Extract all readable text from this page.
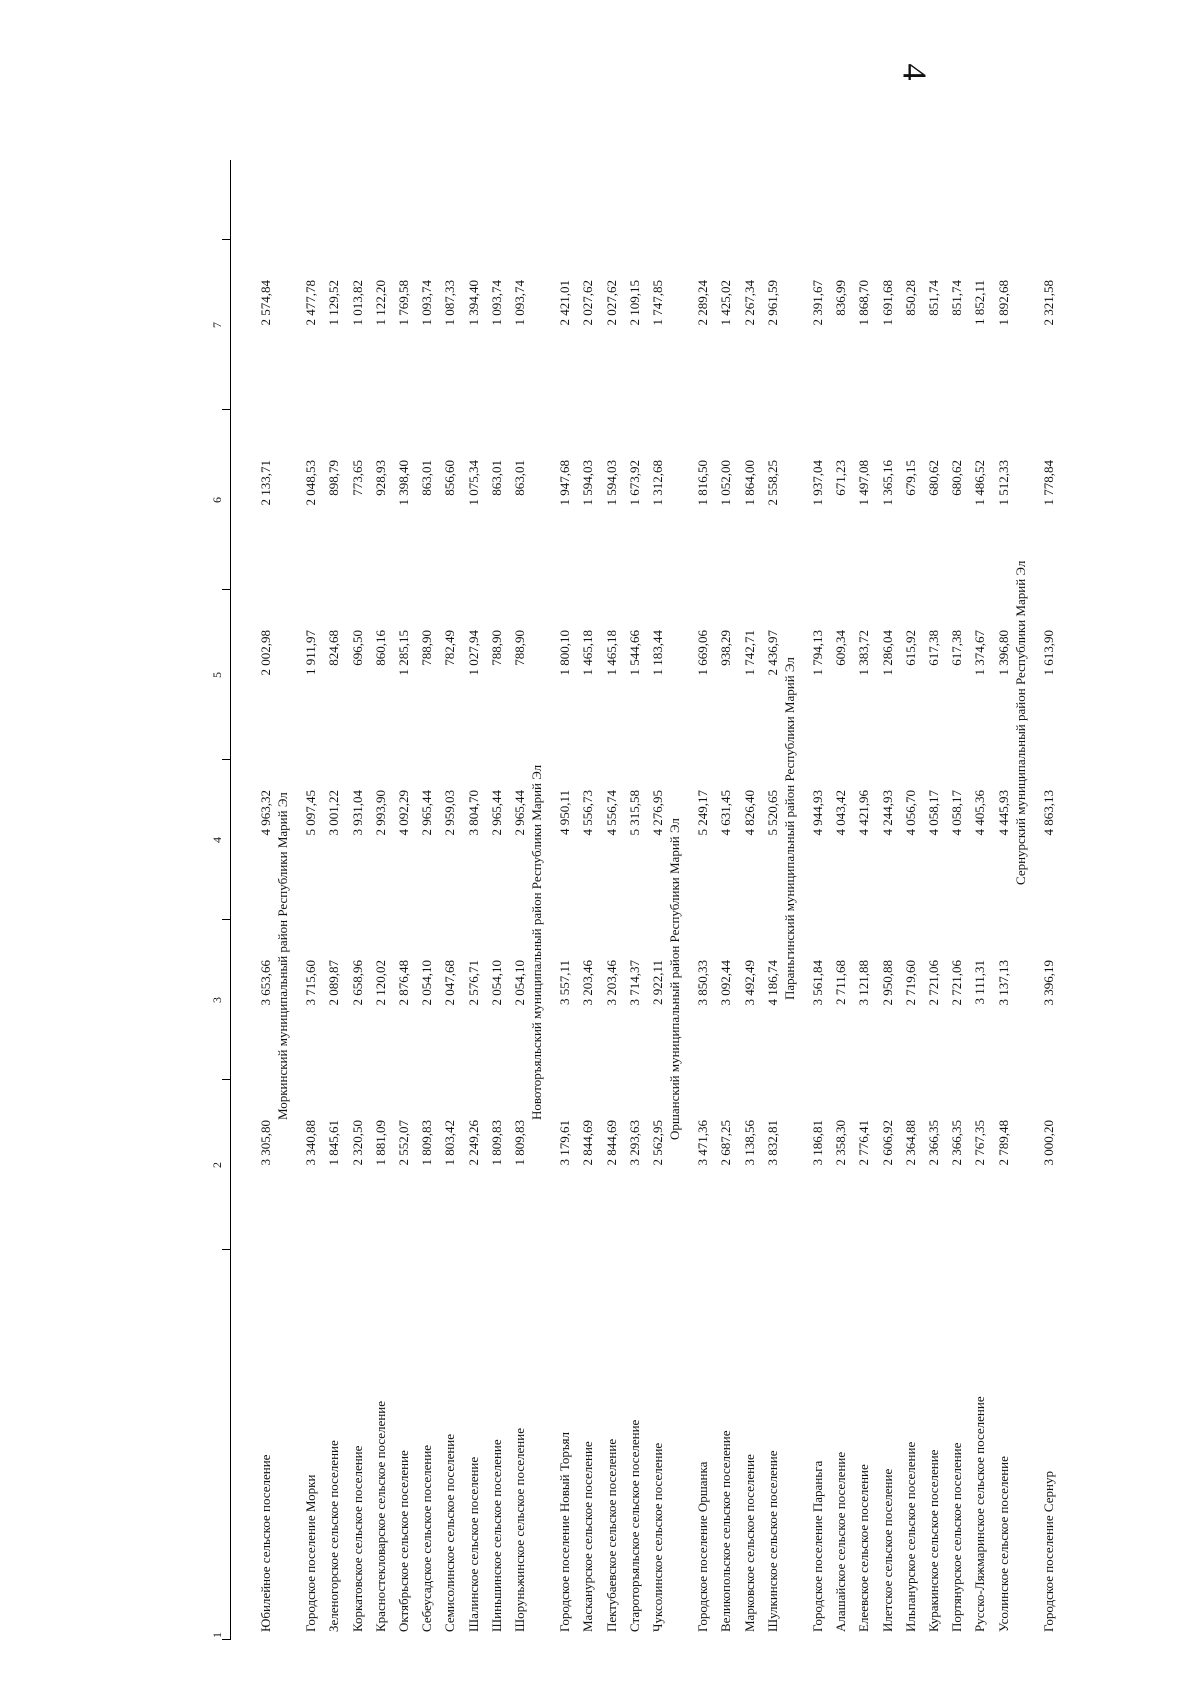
4
1
2
3
4
5
6
7
Юбилейное сельское поселение
3 305,80
3 653,66
4 963,32
2 002,98
2 133,71
2 574,84
Моркинский муниципальный район Республики Марий Эл
Городское поселение Морки
3 340,88
3 715,60
5 097,45
1 911,97
2 048,53
2 477,78
Зеленогорское сельское поселение
1 845,61
2 089,87
3 001,22
824,68
898,79
1 129,52
Коркатовское сельское поселение
2 320,50
2 658,96
3 931,04
696,50
773,65
1 013,82
Красностекловарское сельское поселение
1 881,09
2 120,02
2 993,90
860,16
928,93
1 122,20
Октябрьское сельское поселение
2 552,07
2 876,48
4 092,29
1 285,15
1 398,40
1 769,58
Себеусадское сельское поселение
1 809,83
2 054,10
2 965,44
788,90
863,01
1 093,74
Семисолинское сельское поселение
1 803,42
2 047,68
2 959,03
782,49
856,60
1 087,33
Шалинское сельское поселение
2 249,26
2 576,71
3 804,70
1 027,94
1 075,34
1 394,40
Шиньшинское сельское поселение
1 809,83
2 054,10
2 965,44
788,90
863,01
1 093,74
Шоруньжинское сельское поселение
1 809,83
2 054,10
2 965,44
788,90
863,01
1 093,74
Новоторъяльский муниципальный район Республики Марий Эл
Городское поселение Новый Торъял
3 179,61
3 557,11
4 950,11
1 800,10
1 947,68
2 421,01
Масканурское сельское поселение
2 844,69
3 203,46
4 556,73
1 465,18
1 594,03
2 027,62
Пектубаевское сельское поселение
2 844,69
3 203,46
4 556,74
1 465,18
1 594,03
2 027,62
Староторъяльское сельское поселение
3 293,63
3 714,37
5 315,58
1 544,66
1 673,92
2 109,15
Чуксолинское сельское поселение
2 562,95
2 922,11
4 276,95
1 183,44
1 312,68
1 747,85
Оршанский муниципальный район Республики Марий Эл
Городское поселение Оршанка
3 471,36
3 850,33
5 249,17
1 669,06
1 816,50
2 289,24
Великопольское сельское поселение
2 687,25
3 092,44
4 631,45
938,29
1 052,00
1 425,02
Марковское сельское поселение
3 138,56
3 492,49
4 826,40
1 742,71
1 864,00
2 267,34
Шулкинское сельское поселение
3 832,81
4 186,74
5 520,65
2 436,97
2 558,25
2 961,59
Параньгинский муниципальный район Республики Марий Эл
Городское поселение Параньга
3 186,81
3 561,84
4 944,93
1 794,13
1 937,04
2 391,67
Алашайское сельское поселение
2 358,30
2 711,68
4 043,42
609,34
671,23
836,99
Елеевское сельское поселение
2 776,41
3 121,88
4 421,96
1 383,72
1 497,08
1 868,70
Илетское сельское поселение
2 606,92
2 950,88
4 244,93
1 286,04
1 365,16
1 691,68
Ильпанурское сельское поселение
2 364,88
2 719,60
4 056,70
615,92
679,15
850,28
Куракинское сельское поселение
2 366,35
2 721,06
4 058,17
617,38
680,62
851,74
Портянурское сельское поселение
2 366,35
2 721,06
4 058,17
617,38
680,62
851,74
Русско-Ляжмаринское сельское поселение
2 767,35
3 111,31
4 405,36
1 374,67
1 486,52
1 852,11
Усолинское сельское поселение
2 789,48
3 137,13
4 445,93
1 396,80
1 512,33
1 892,68
Сернурский муниципальный район Республики Марий Эл
Городское поселение Сернур
3 000,20
3 396,19
4 863,13
1 613,90
1 778,84
2 321,58
